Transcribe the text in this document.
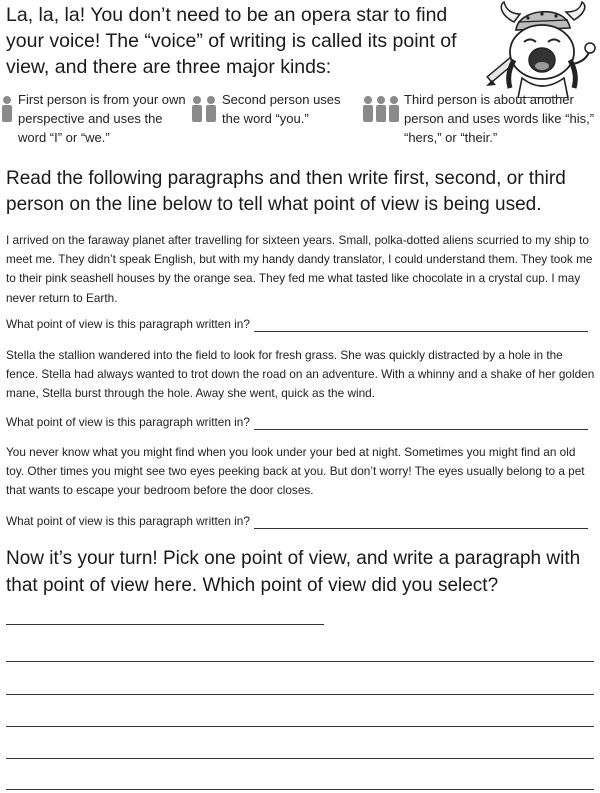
La, la, la! You don’t need to be an opera star to find your voice! The “voice” of writing is called its point of view, and there are three major kinds:
First person is from your own perspective and uses the word “I” or “we.”
Second person uses the word “you.”
Third person is about another person and uses words like “his,” “hers,” or “their.”
Read the following paragraphs and then write first, second, or third person on the line below to tell what point of view is being used.
I arrived on the faraway planet after travelling for sixteen years. Small, polka-dotted aliens scurried to my ship to meet me. They didn’t speak English, but with my handy dandy translator, I could understand them. They took me to their pink seashell houses by the orange sea. They fed me what tasted like chocolate in a crystal cup. I may never return to Earth.
What point of view is this paragraph written in?
Stella the stallion wandered into the field to look for fresh grass. She was quickly distracted by a hole in the fence. Stella had always wanted to trot down the road on an adventure. With a whinny and a shake of her golden mane, Stella burst through the hole. Away she went, quick as the wind.
What point of view is this paragraph written in?
You never know what you might find when you look under your bed at night. Sometimes you might find an old toy. Other times you might see two eyes peeking back at you. But don’t worry! The eyes usually belong to a pet that wants to escape your bedroom before the door closes.
What point of view is this paragraph written in?
Now it’s your turn! Pick one point of view, and write a paragraph with that point of view here. Which point of view did you select?
